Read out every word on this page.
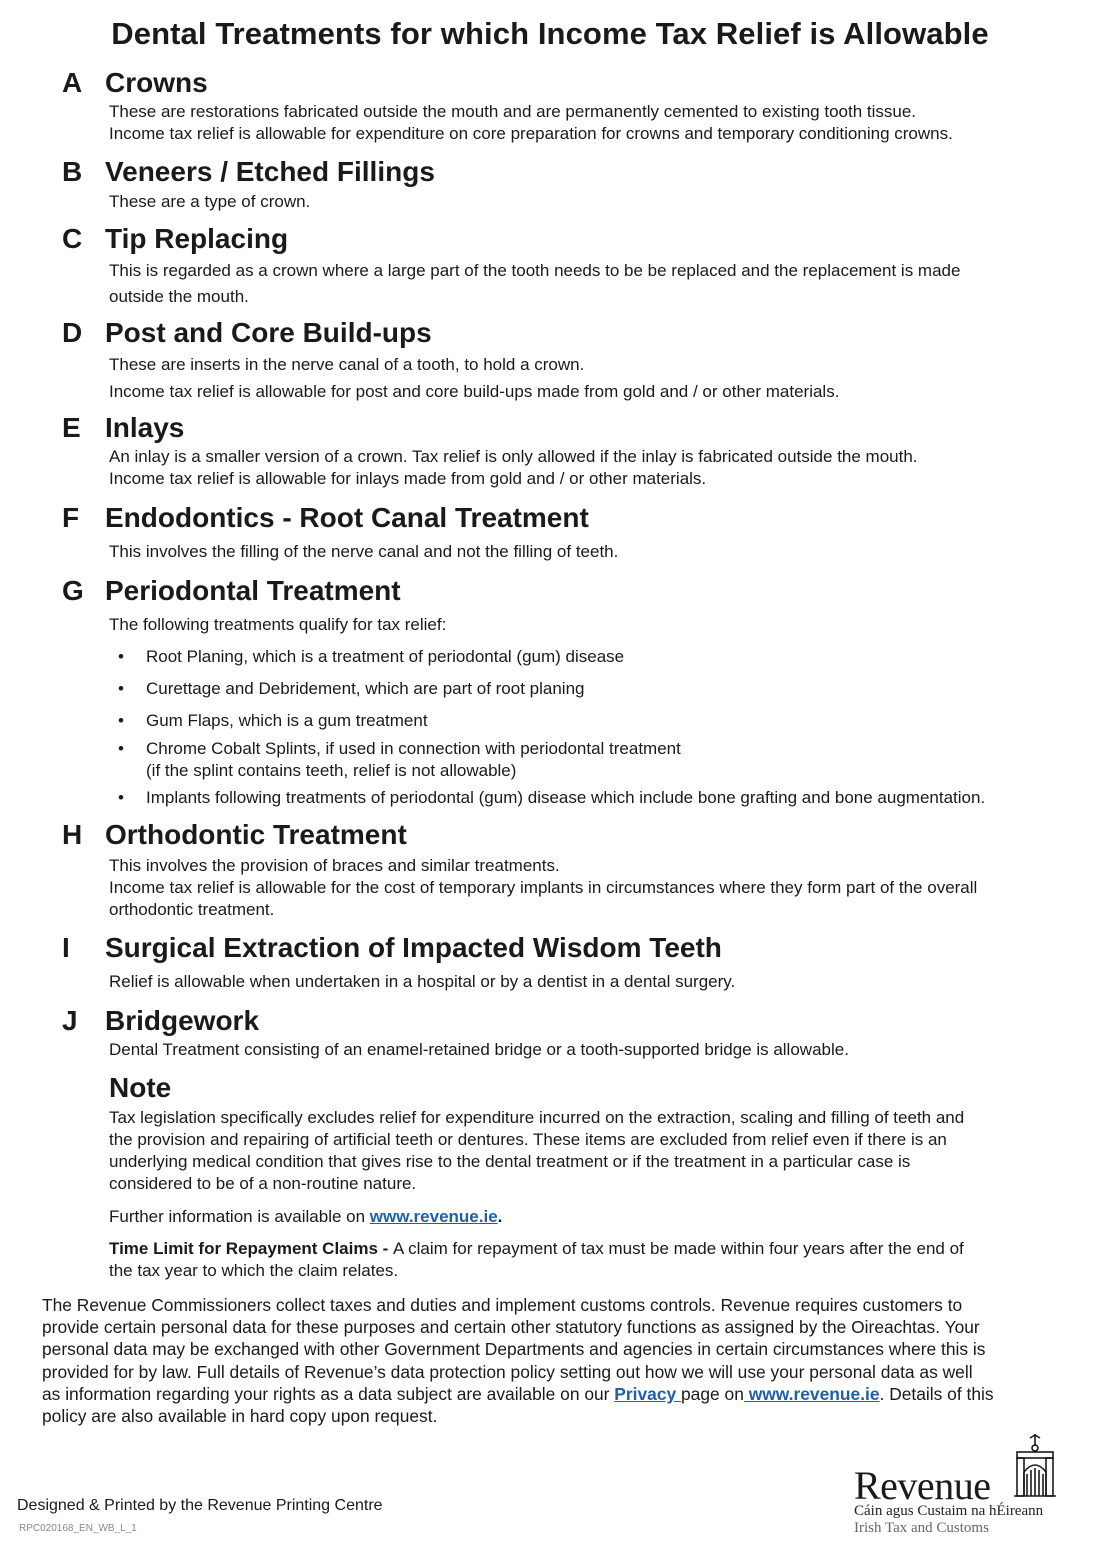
Dental Treatments for which Income Tax Relief is Allowable
A Crowns

These are restorations fabricated outside the mouth and are permanently cemented to existing tooth tissue.

Income tax relief is allowable for expenditure on core preparation for crowns and temporary conditioning crowns.

B Veneers / Etched Fillings

These are a type of crown.

C Tip Replacing

This is regarded as a crown where a large part of the tooth needs to be be replaced and the replacement is made

outside the mouth.

D Post and Core Build-ups

These are inserts in the nerve canal of a tooth, to hold a crown.

Income tax relief is allowable for post and core build-ups made from gold and / or other materials.

E Inlays

An inlay is a smaller version of a crown. Tax relief is only allowed if the inlay is fabricated outside the mouth.

Income tax relief is allowable for inlays made from gold and / or other materials.

F Endodontics - Root Canal Treatment

This involves the filling of the nerve canal and not the filling of teeth.

G Periodontal Treatment

The following treatments qualify for tax relief:

• Root Planing, which is a treatment of periodontal (gum) disease
• Curettage and Debridement, which are part of root planing
• Gum Flaps, which is a gum treatment
• Chrome Cobalt Splints, if used in connection with periodontal treatment
(if the splint contains teeth, relief is not allowable)
• Implants following treatments of periodontal (gum) disease which include bone grafting and bone augmentation.
H Orthodontic Treatment

This involves the provision of braces and similar treatments.

Income tax relief is allowable for the cost of temporary implants in circumstances where they form part of the overall

orthodontic treatment.

I Surgical Extraction of Impacted Wisdom Teeth

Relief is allowable when undertaken in a hospital or by a dentist in a dental surgery.

J Bridgework

Dental Treatment consisting of an enamel-retained bridge or a tooth-supported bridge is allowable.

Note

Tax legislation specifically excludes relief for expenditure incurred on the extraction, scaling and filling of teeth and

the provision and repairing of artificial teeth or dentures. These items are excluded from relief even if there is an

underlying medical condition that gives rise to the dental treatment or if the treatment in a particular case is

considered to be of a non-routine nature.

Further information is available on www.revenue.ie.

Time Limit for Repayment Claims - A claim for repayment of tax must be made within four years after the end of

the tax year to which the claim relates.

The Revenue Commissioners collect taxes and duties and implement customs controls. Revenue requires customers to
provide certain personal data for these purposes and certain other statutory functions as assigned by the Oireachtas. Your
personal data may be exchanged with other Government Departments and agencies in certain circumstances where this is
provided for by law. Full details of Revenue’s data protection policy setting out how we will use your personal data as well
as information regarding your rights as a data subject are available on our Privacy page on www.revenue.ie. Details of this
policy are also available in hard copy upon request.
Designed & Printed by the Revenue Printing Centre
RPC020168_EN_WB_L_1
Revenue
Cáin agus Custaim na hÉireann
Irish Tax and Customs
